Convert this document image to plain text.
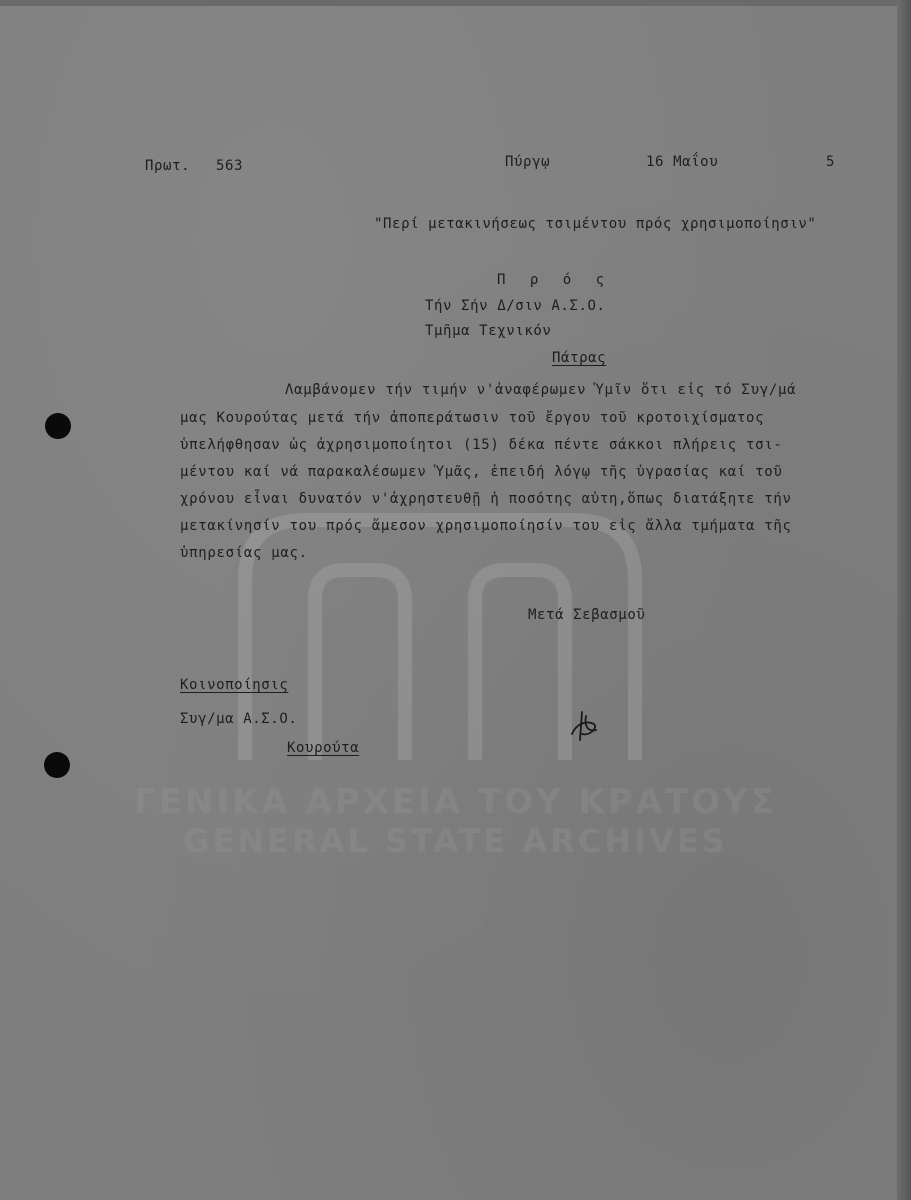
ΓΕΝΙΚΑ ΑΡΧΕΙΑ ΤΟΥ ΚΡΑΤΟΥΣ
GENERAL STATE ARCHIVES
Πρωτ. 563	Πύργῳ	16 Μαΐου	5
"Περί μετακινήσεως τσιμέντου πρός χρησιμοποίησιν"
Π ρ ό ς
Τήν Σήν Δ/σιν Α.Σ.Ο.
Τμῆμα Τεχνικόν
Πάτρας
Λαμβάνομεν τήν τιμήν ν'ἀναφέρωμεν Ὑμῖν ὅτι εἰς τό Συγ/μά
μας Κουρούτας μετά τήν ἀποπεράτωσιν τοῦ ἔργου τοῦ κροτοιχίσματος
ὑπελήφθησαν ὡς ἀχρησιμοποίητοι (15) δέκα πέντε σάκκοι πλήρεις τσι-
μέντου καί νά παρακαλέσωμεν Ὑμᾶς, ἐπειδή λόγῳ τῆς ὑγρασίας καί τοῦ
χρόνου εἶναι δυνατόν ν'ἀχρηστευθῇ ἡ ποσότης αὐτη,ὅπως διατάξητε τήν
μετακίνησίν του πρός ἄμεσον χρησιμοποίησίν του εἰς ἄλλα τμήματα τῆς
ὑπηρεσίας μας.
Μετά Σεβασμοῦ
Κοινοποίησις
Συγ/μα Α.Σ.Ο.
Κουρούτα
